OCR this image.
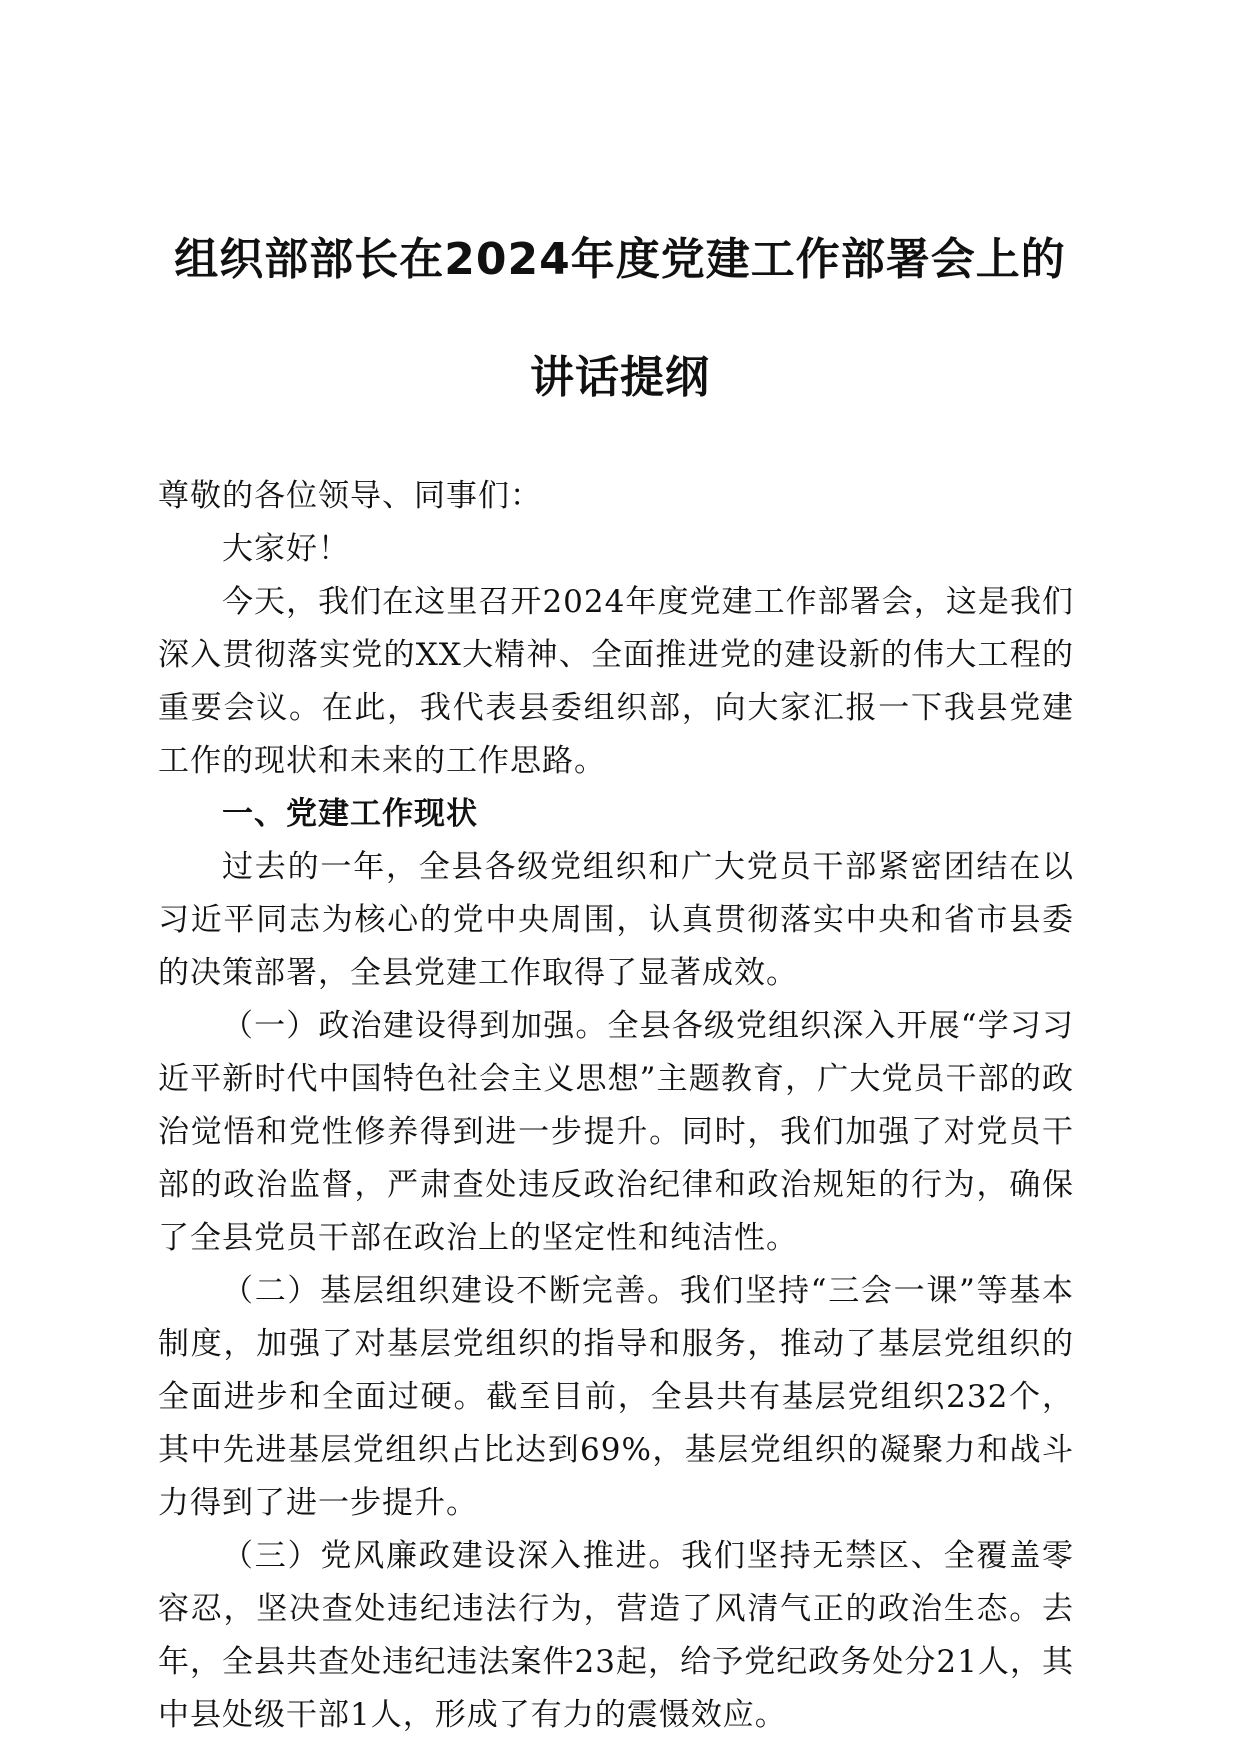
组织部部长在2024年度党建工作部署会上的
讲话提纲

尊敬的各位领导、同事们：

大家好！

今天，我们在这里召开2024年度党建工作部署会，这是我们深入贯彻落实党的XX大精神、全面推进党的建设新的伟大工程的重要会议。在此，我代表县委组织部，向大家汇报一下我县党建工作的现状和未来的工作思路。

一、党建工作现状

过去的一年，全县各级党组织和广大党员干部紧密团结在以习近平同志为核心的党中央周围，认真贯彻落实中央和省市县委的决策部署，全县党建工作取得了显著成效。

（一）政治建设得到加强。全县各级党组织深入开展“学习习近平新时代中国特色社会主义思想”主题教育，广大党员干部的政治觉悟和党性修养得到进一步提升。同时，我们加强了对党员干部的政治监督，严肃查处违反政治纪律和政治规矩的行为，确保了全县党员干部在政治上的坚定性和纯洁性。

（二）基层组织建设不断完善。我们坚持“三会一课”等基本制度，加强了对基层党组织的指导和服务，推动了基层党组织的全面进步和全面过硬。截至目前，全县共有基层党组织232个，其中先进基层党组织占比达到69%，基层党组织的凝聚力和战斗力得到了进一步提升。

（三）党风廉政建设深入推进。我们坚持无禁区、全覆盖零容忍，坚决查处违纪违法行为，营造了风清气正的政治生态。去年，全县共查处违纪违法案件23起，给予党纪政务处分21人，其中县处级干部1人，形成了有力的震慑效应。
